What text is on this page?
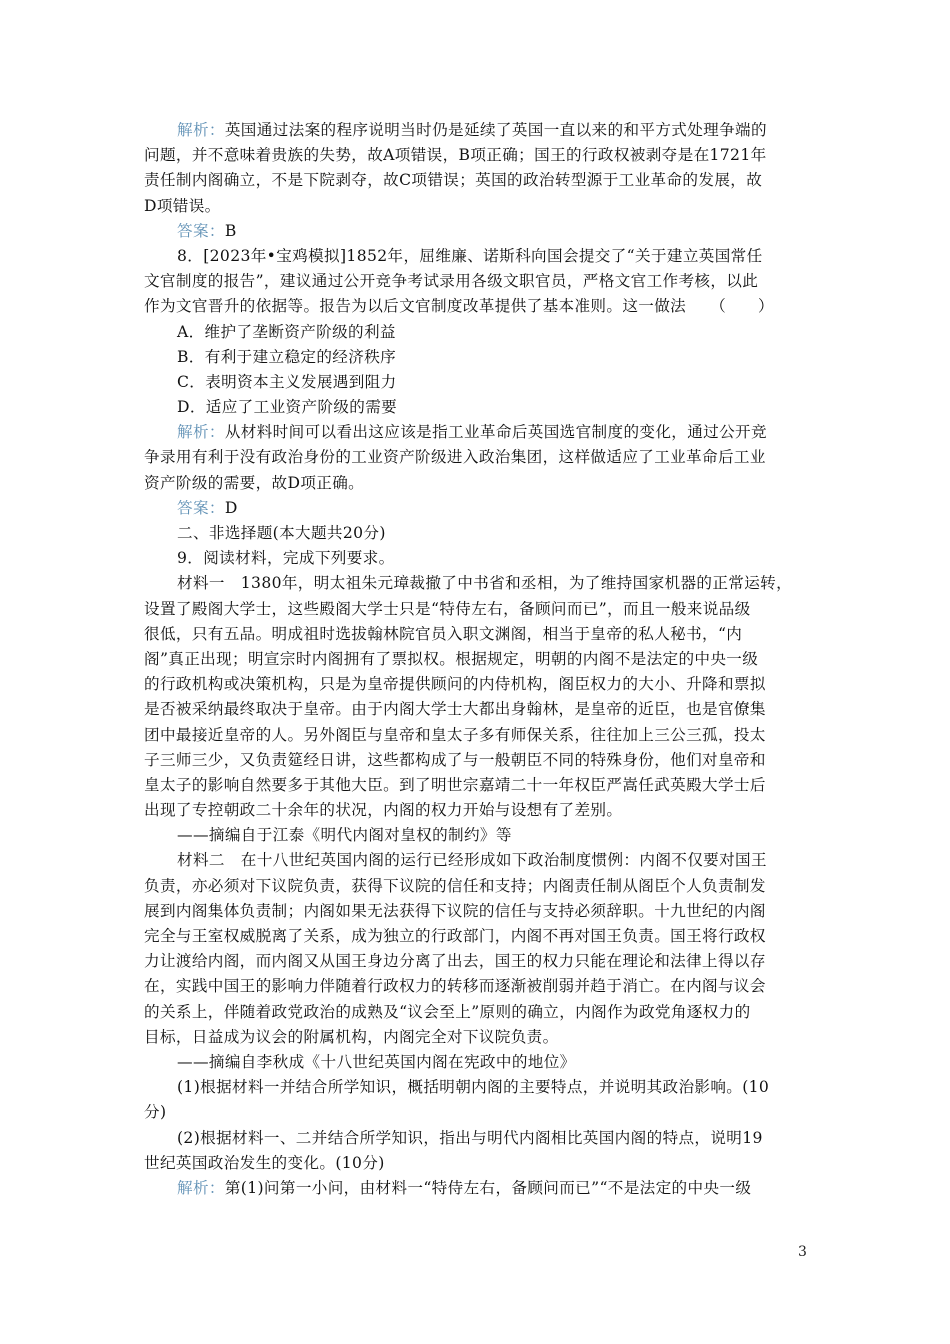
解析：英国通过法案的程序说明当时仍是延续了英国一直以来的和平方式处理争端的
问题，并不意味着贵族的失势，故A项错误，B项正确；国王的行政权被剥夺是在1721年
责任制内阁确立，不是下院剥夺，故C项错误；英国的政治转型源于工业革命的发展，故
D项错误。
答案：B
8．[2023年•宝鸡模拟]1852年，屈维廉、诺斯科向国会提交了“关于建立英国常任
文官制度的报告”，建议通过公开竞争考试录用各级文职官员，严格文官工作考核，以此
作为文官晋升的依据等。报告为以后文官制度改革提供了基本准则。这一做法　　（　　）
A．维护了垄断资产阶级的利益
B．有利于建立稳定的经济秩序
C．表明资本主义发展遇到阻力
D．适应了工业资产阶级的需要
解析：从材料时间可以看出这应该是指工业革命后英国选官制度的变化，通过公开竞
争录用有利于没有政治身份的工业资产阶级进入政治集团，这样做适应了工业革命后工业
资产阶级的需要，故D项正确。
答案：D
二、非选择题(本大题共20分)
9．阅读材料，完成下列要求。
材料一　1380年，明太祖朱元璋裁撤了中书省和丞相，为了维持国家机器的正常运转，
设置了殿阁大学士，这些殿阁大学士只是“特侍左右，备顾问而已”，而且一般来说品级
很低，只有五品。明成祖时选拔翰林院官员入职文渊阁，相当于皇帝的私人秘书，“内
阁”真正出现；明宣宗时内阁拥有了票拟权。根据规定，明朝的内阁不是法定的中央一级
的行政机构或决策机构，只是为皇帝提供顾问的内侍机构，阁臣权力的大小、升降和票拟
是否被采纳最终取决于皇帝。由于内阁大学士大都出身翰林，是皇帝的近臣，也是官僚集
团中最接近皇帝的人。另外阁臣与皇帝和皇太子多有师保关系，往往加上三公三孤，投太
子三师三少，又负责筵经日讲，这些都构成了与一般朝臣不同的特殊身份，他们对皇帝和
皇太子的影响自然要多于其他大臣。到了明世宗嘉靖二十一年权臣严嵩任武英殿大学士后
出现了专控朝政二十余年的状况，内阁的权力开始与设想有了差别。
——摘编自于江泰《明代内阁对皇权的制约》等
材料二　在十八世纪英国内阁的运行已经形成如下政治制度惯例：内阁不仅要对国王
负责，亦必须对下议院负责，获得下议院的信任和支持；内阁责任制从阁臣个人负责制发
展到内阁集体负责制；内阁如果无法获得下议院的信任与支持必须辞职。十九世纪的内阁
完全与王室权威脱离了关系，成为独立的行政部门，内阁不再对国王负责。国王将行政权
力让渡给内阁，而内阁又从国王身边分离了出去，国王的权力只能在理论和法律上得以存
在，实践中国王的影响力伴随着行政权力的转移而逐渐被削弱并趋于消亡。在内阁与议会
的关系上，伴随着政党政治的成熟及“议会至上”原则的确立，内阁作为政党角逐权力的
目标，日益成为议会的附属机构，内阁完全对下议院负责。
——摘编自李秋成《十八世纪英国内阁在宪政中的地位》
(1)根据材料一并结合所学知识，概括明朝内阁的主要特点，并说明其政治影响。(10
分)
(2)根据材料一、二并结合所学知识，指出与明代内阁相比英国内阁的特点，说明19
世纪英国政治发生的变化。(10分)
解析：第(1)问第一小问，由材料一“特侍左右，备顾问而已”“不是法定的中央一级
3
